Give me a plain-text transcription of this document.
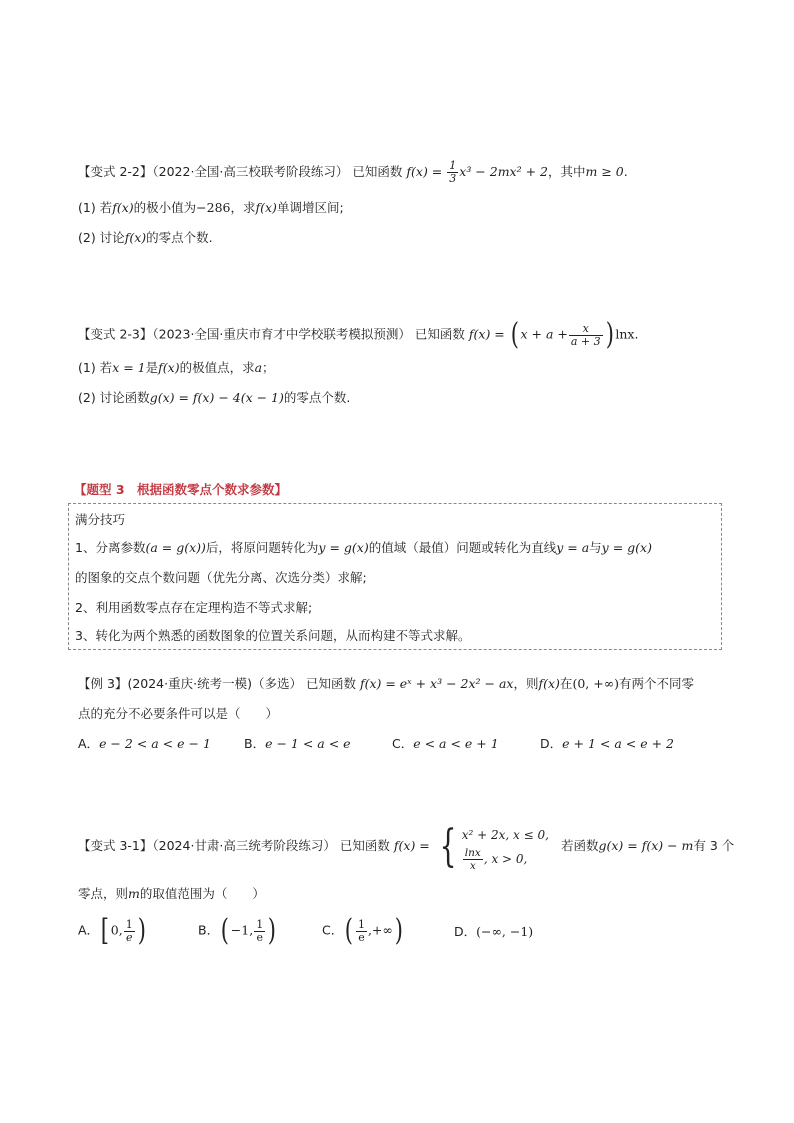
【变式 2-2】（2022·全国·高三校联考阶段练习） 已知函数 $f(x) = \frac{1}{3} x^3 - 2mx^2 + 2$，其中m ≥ 0.
(1) 若f(x)的极小值为−286，求f(x)单调增区间;
(2) 讨论f(x)的零点个数.
【变式 2-3】（2023·全国·重庆市育才中学校联考模拟预测） 已知函数 f(x) = ( $x + a + \frac{x}{a + 3}$ ) lnx.
(1) 若x = 1是f(x)的极值点，求a；
(2) 讨论函数g(x) = f(x) − 4(x − 1)的零点个数.
【题型 3　根据函数零点个数求参数】
满分技巧
1、分离参数(a = g(x))后，将原问题转化为y = g(x)的值域（最值）问题或转化为直线y = a与y = g(x)
的图象的交点个数问题（优先分离、次选分类）求解;
2、利用函数零点存在定理构造不等式求解;
3、转化为两个熟悉的函数图象的位置关系问题，从而构建不等式求解。
【例 3】(2024·重庆·统考一模)（多选） 已知函数 f(x) = eˣ + x³ − 2x² − ax，则f(x)在(0, +∞)有两个不同零
点的充分不必要条件可以是（　　）
A．e − 2 < a < e − 1	B．e − 1 < a < e	C．e < a < e + 1	D．e + 1 < a < e + 2
【变式 3-1】（2024·甘肃·高三统考阶段练习） 已知函数 f(x) = { x² + 2x, x ≤ 0,
$\frac{\ln x}{x}$ , x > 0,
若函数g(x) = f(x) − m有 3 个
零点，则m的取值范围为（　　）
A．[ 0, $\frac{1}{e}$ )	B．( −1, $\frac{1}{e}$ )	C．( $\frac{1}{e}$ ,+∞)	D．(−∞, −1)
